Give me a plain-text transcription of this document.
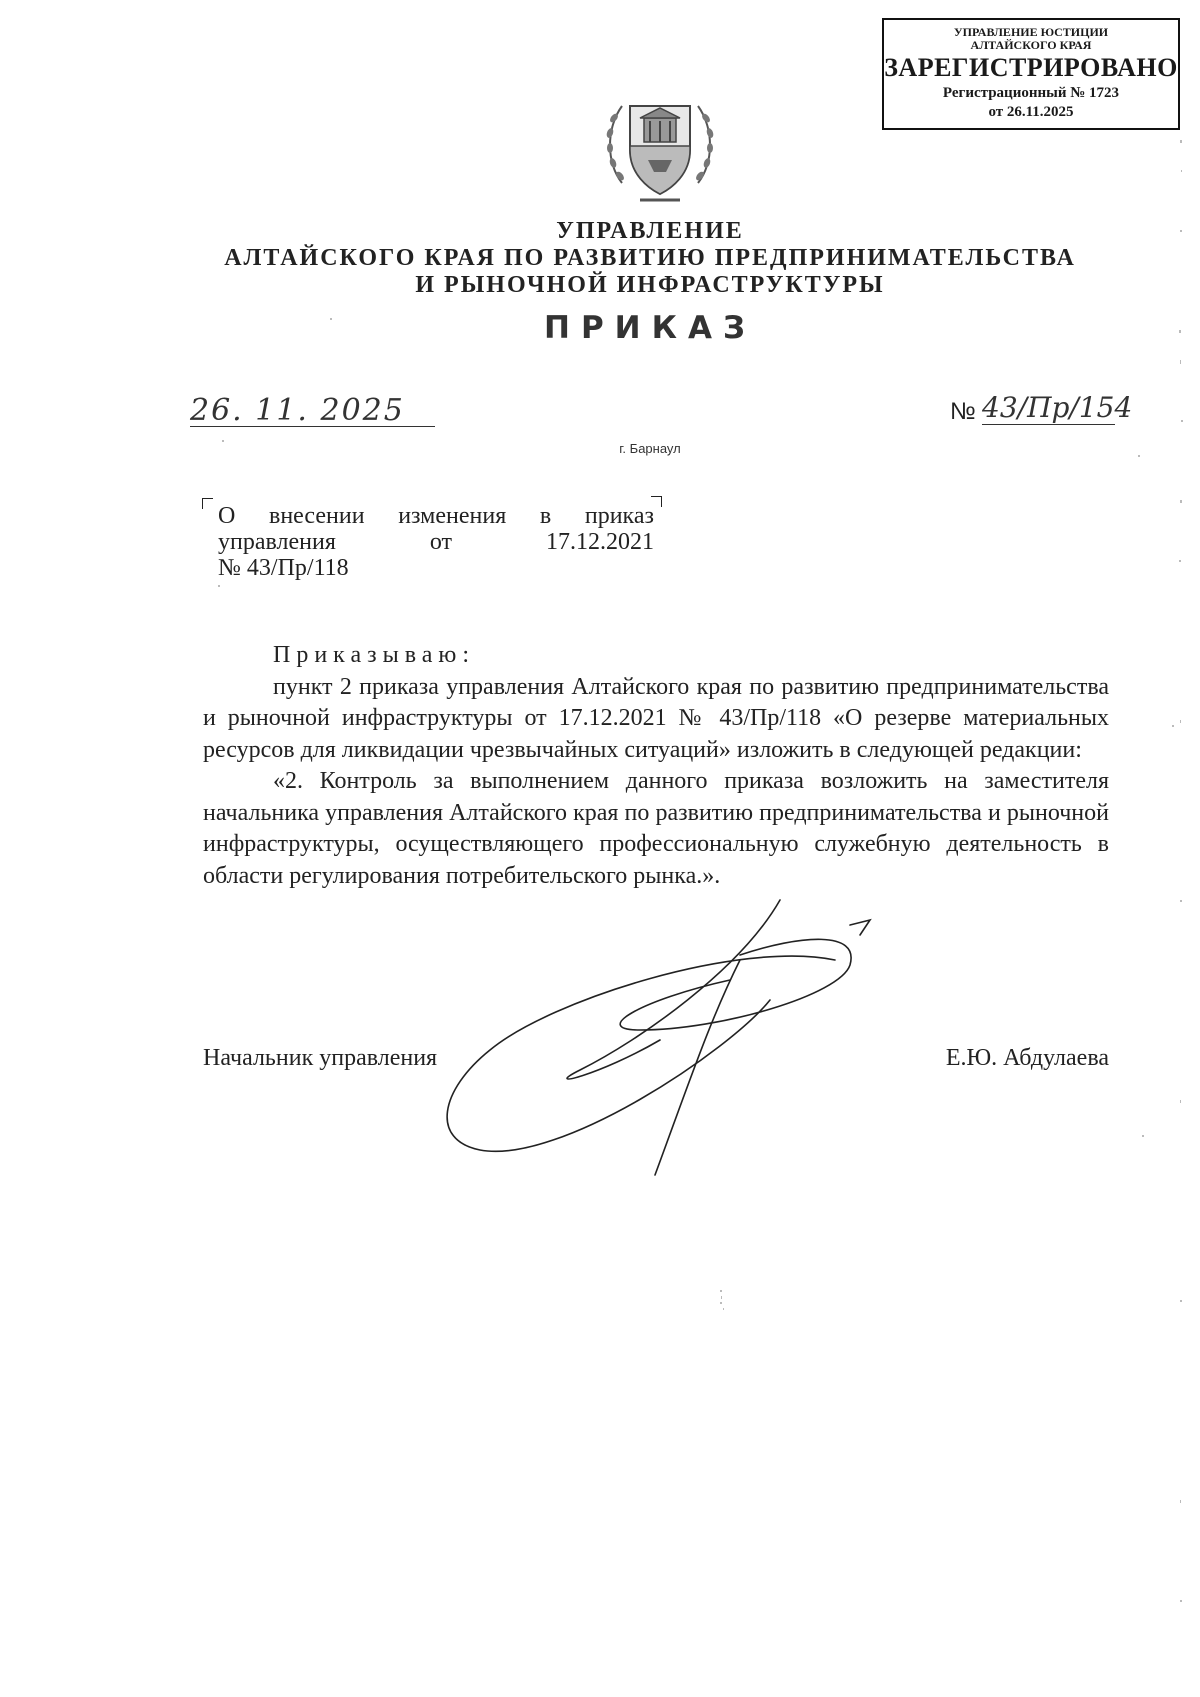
УПРАВЛЕНИЕ ЮСТИЦИИ
АЛТАЙСКОГО КРАЯ
ЗАРЕГИСТРИРОВАНО
Регистрационный № 1723
от 26.11.2025
УПРАВЛЕНИЕ
АЛТАЙСКОГО КРАЯ ПО РАЗВИТИЮ ПРЕДПРИНИМАТЕЛЬСТВА
И РЫНОЧНОЙ ИНФРАСТРУКТУРЫ
ПРИКАЗ
26. 11. 2025	№ 43/Пр/154
г. Барнаул
О внесении изменения в приказ
управления	от	17.12.2021
№ 43/Пр/118

Приказываю:

пункт 2 приказа управления Алтайского края по развитию предпринимательства и рыночной инфраструктуры от 17.12.2021 № 43/Пр/118 «О резерве материальных ресурсов для ликвидации чрезвычайных ситуаций» изложить в следующей редакции:

«2. Контроль за выполнением данного приказа возложить на заместителя начальника управления Алтайского края по развитию предпринимательства и рыночной инфраструктуры, осуществляющего профессиональную служебную деятельность в области регулирования потребительского рынка.».

Начальник управления	Е.Ю. Абдулаева
